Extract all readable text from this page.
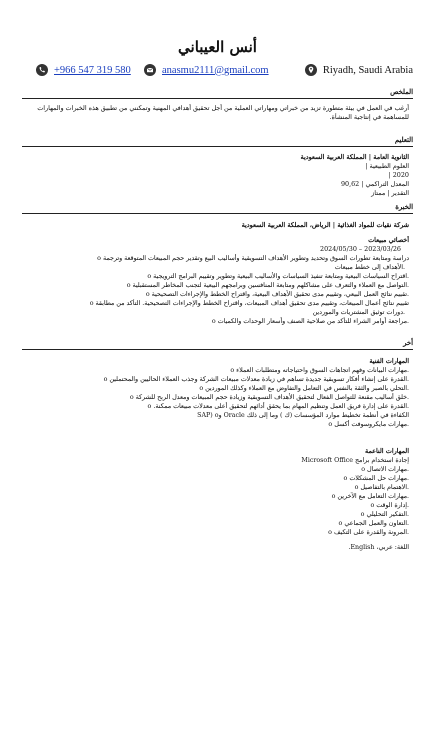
أنس العيباني
+966 547 319 580	anasmu2111@gmail.com	Riyadh, Saudi Arabia
الملخص
أرغب في العمل في بيئة متطورة تزيد من خبراتي ومهاراتي العملية من أجل تحقيق أهدافي المهنية وتمكنني من تطبيق هذه الخبرات والمهارات
للمساهمة في إنتاجية المنشأة.
التعليم
الثانوية العامة | المملكة العربية السعودية
العلوم الطبيعية |
2020 |
المعدل التراكمي | 90,62
التقدير | ممتاز
الخبرة
شركة نقيات للمواد الغذائية | الرياض، المملكة العربية السعودية
أخصائي مبيعات
2023/03/26 – 2024/05/30
دراسة ومتابعة تطورات السوق وتحديد وتطوير الأهداف التسويقية وأساليب البيع وتقدير حجم المبيعات المتوقعة وترجمة o
.الأهداف إلى خطط مبيعات
.اقتراح السياسات البيعية ومتابعة تنفيذ السياسات والأساليب البيعية وتطوير وتقييم البرامج الترويجية o
.التواصل مع العملاء والتعرف على مشاكلهم ومتابعة المنافسين وبرامجهم البيعية لتجنب المخاطر المستقبلية o
.تقييم نتائج العمل البيعي، وتقييم مدى تحقيق الأهداف البيعية، واقتراح الخطط والإجراءات التصحيحية o
تقييم نتائج أعمال المبيعات، وتقييم مدى تحقيق أهداف المبيعات، واقتراح الخطط والإجراءات التصحيحية. التأكد من مطابقة o
.دورات توثيق المشتريات والموردين
.مراجعة أوامر الشراء للتأكد من صلاحية الصنف وأسعار الوحدات والكميات o
أخر
المهارات الفنية
.مهارات البيانات وفهم اتجاهات السوق واحتياجاته ومتطلبات العملاء o
.القدرة على إنشاء أفكار تسويقية جديدة تساهم في زيادة معدلات مبيعات الشركة وجذب العملاء الحاليين والمحتملين o
.التحلي بالصبر والثقة بالنفس في التعامل والتفاوض مع العملاء وكذلك الموردين o
.خلق أساليب مقنعة للتواصل الفعال لتحقيق الأهداف التسويقية وزيادة حجم المبيعات ومعدل الربح للشركة o
.القدرة على إدارة فريق العمل وتنظيم المهام بما يحقق أدائهم لتحقيق أعلى معدلات مبيعات ممكنة. o
الكفاءة في أنظمة تخطيط موارد المؤسسات (ك ) وما إلى ذلك Oracle وSAP) o
.مهارات مايكروسوفت أكسل o
المهارات الناعمة
إجادة استخدام برامج Microsoft Office
.مهارات الاتصال o
.مهارات حل المشكلات o
.الاهتمام بالتفاصيل o
.مهارات التعامل مع الآخرين o
.إدارة الوقت o
.التفكير التحليلي o
.التعاون والعمل الجماعي o
.المرونة والقدرة على التكيف o
اللغة: عربي، English.
